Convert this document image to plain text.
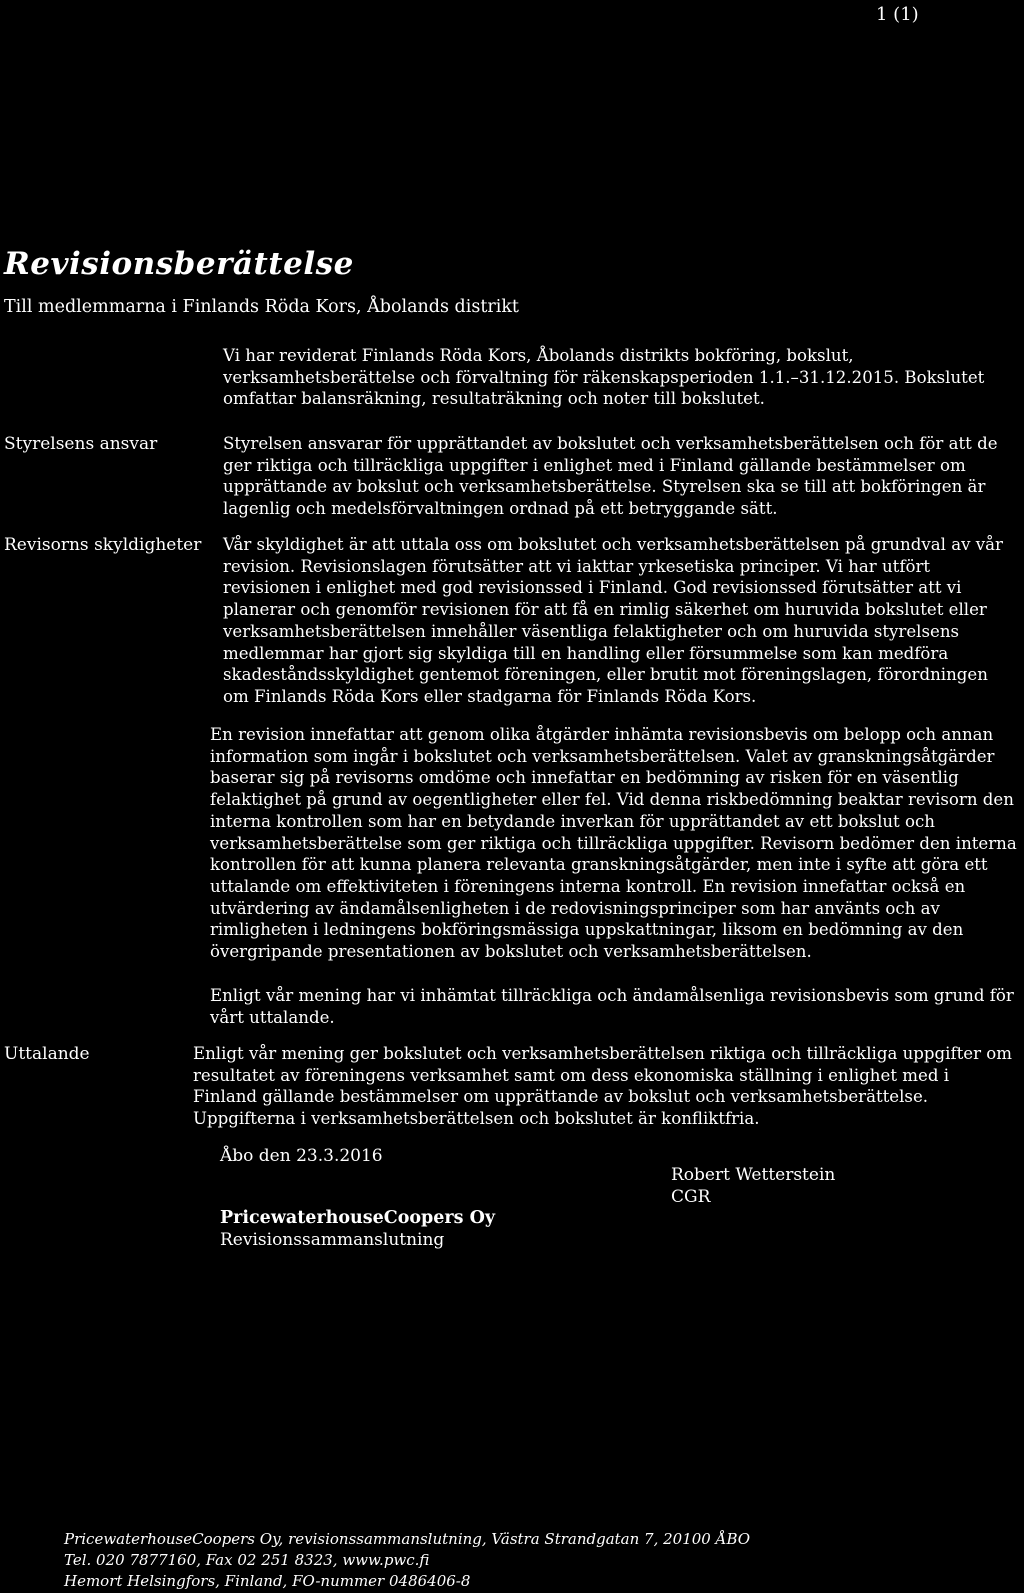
1 (1)
Revisionsberättelse
Till medlemmarna i Finlands Röda Kors, Åbolands distrikt

Vi har reviderat Finlands Röda Kors, Åbolands distrikts bokföring, bokslut, verksamhetsberättelse och förvaltning för räkenskapsperioden 1.1.–31.12.2015. Bokslutet omfattar balansräkning, resultaträkning och noter till bokslutet.

Styrelsens ansvar	Styrelsen ansvarar för upprättandet av bokslutet och verksamhetsberättelsen och för att de ger riktiga och tillräckliga uppgifter i enlighet med i Finland gällande bestämmelser om upprättande av bokslut och verksamhetsberättelse. Styrelsen ska se till att bokföringen är lagenlig och medelsförvaltningen ordnad på ett betryggande sätt.

Revisorns skyldigheter Vår skyldighet är att uttala oss om bokslutet och verksamhetsberättelsen på grundval av vår revision. Revisionslagen förutsätter att vi iakttar yrkesetiska principer. Vi har utfört revisionen i enlighet med god revisionssed i Finland. God revisionssed förutsätter att vi planerar och genomför revisionen för att få en rimlig säkerhet om huruvida bokslutet eller verksamhetsberättelsen innehåller väsentliga felaktigheter och om huruvida styrelsens medlemmar har gjort sig skyldiga till en handling eller försummelse som kan medföra skadeståndsskyldighet gentemot föreningen, eller brutit mot föreningslagen, förordningen om Finlands Röda Kors eller stadgarna för Finlands Röda Kors.

En revision innefattar att genom olika åtgärder inhämta revisionsbevis om belopp och annan information som ingår i bokslutet och verksamhetsberättelsen. Valet av granskningsåtgärder baserar sig på revisorns omdöme och innefattar en bedömning av risken för en väsentlig felaktighet på grund av oegentligheter eller fel. Vid denna riskbedömning beaktar revisorn den interna kontrollen som har en betydande inverkan för upprättandet av ett bokslut och verksamhetsberättelse som ger riktiga och tillräckliga uppgifter. Revisorn bedömer den interna kontrollen för att kunna planera relevanta granskningsåtgärder, men inte i syfte att göra ett uttalande om effektiviteten i föreningens interna kontroll. En revision innefattar också en utvärdering av ändamålsenligheten i de redovisningsprinciper som har använts och av rimligheten i ledningens bokföringsmässiga uppskattningar, liksom en bedömning av den övergripande presentationen av bokslutet och verksamhetsberättelsen.

Enligt vår mening har vi inhämtat tillräckliga och ändamålsenliga revisionsbevis som grund för vårt uttalande.

Uttalande	Enligt vår mening ger bokslutet och verksamhetsberättelsen riktiga och tillräckliga uppgifter om resultatet av föreningens verksamhet samt om dess ekonomiska ställning i enlighet med i Finland gällande bestämmelser om upprättande av bokslut och verksamhetsberättelse. Uppgifterna i verksamhetsberättelsen och bokslutet är konfliktfria.

Åbo den 23.3.2016
PricewaterhouseCoopers Oy
Revisionssammanslutning
Robert Wetterstein
CGR
PricewaterhouseCoopers Oy, revisionssammanslutning, Västra Strandgatan 7, 20100 ÅBO
Tel. 020 7877160, Fax 02 251 8323, www.pwc.fi
Hemort Helsingfors, Finland, FO-nummer 0486406-8
